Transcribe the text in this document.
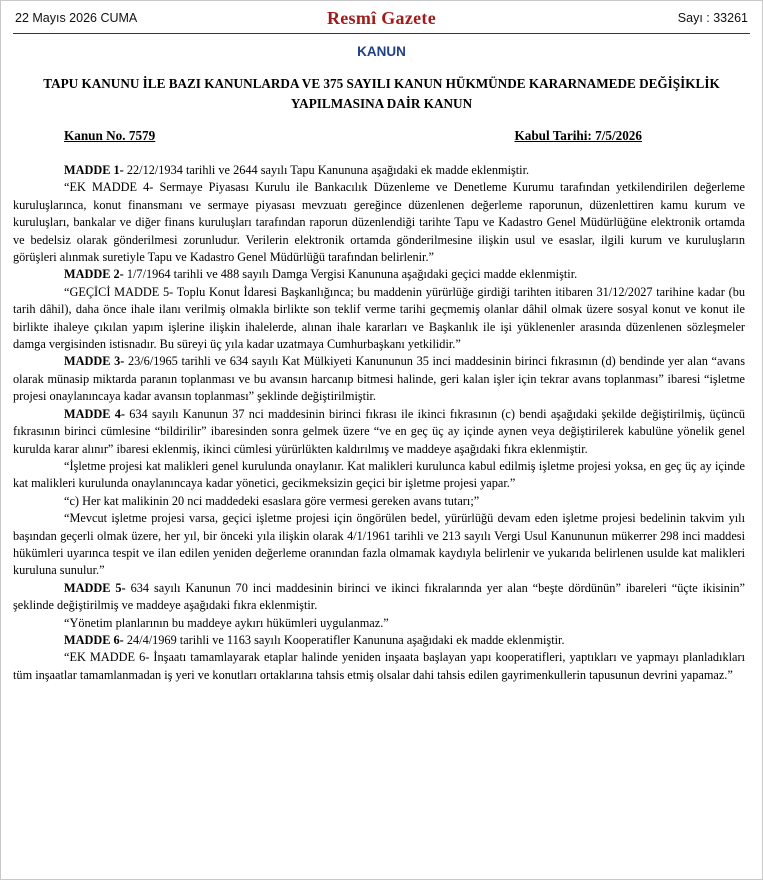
22 Mayıs 2026 CUMA	Resmî Gazete	Sayı : 33261
KANUN
TAPU KANUNU İLE BAZI KANUNLARDA VE 375 SAYILI KANUN HÜKMÜNDE KARARNAMEDE DEĞİŞİKLİK YAPILMASINA DAİR KANUN
Kanun No. 7579	Kabul Tarihi: 7/5/2026

MADDE 1- 22/12/1934 tarihli ve 2644 sayılı Tapu Kanununa aşağıdaki ek madde eklenmiştir.

“EK MADDE 4- Sermaye Piyasası Kurulu ile Bankacılık Düzenleme ve Denetleme Kurumu tarafından yetkilendirilen değerleme kuruluşlarınca, konut finansmanı ve sermaye piyasası mevzuatı gereğince düzenlenen değerleme raporunun, düzenlettiren kamu kurum ve kuruluşları, bankalar ve diğer finans kuruluşları tarafından raporun düzenlendiği tarihte Tapu ve Kadastro Genel Müdürlüğüne elektronik ortamda ve bedelsiz olarak gönderilmesi zorunludur. Verilerin elektronik ortamda gönderilmesine ilişkin usul ve esaslar, ilgili kurum ve kuruluşların görüşleri alınmak suretiyle Tapu ve Kadastro Genel Müdürlüğü tarafından belirlenir.”

MADDE 2- 1/7/1964 tarihli ve 488 sayılı Damga Vergisi Kanununa aşağıdaki geçici madde eklenmiştir.

“GEÇİCİ MADDE 5- Toplu Konut İdaresi Başkanlığınca; bu maddenin yürürlüğe girdiği tarihten itibaren 31/12/2027 tarihine kadar (bu tarih dâhil), daha önce ihale ilanı verilmiş olmakla birlikte son teklif verme tarihi geçmemiş olanlar dâhil olmak üzere sosyal konut ve konut ile birlikte ihaleye çıkılan yapım işlerine ilişkin ihalelerde, alınan ihale kararları ve Başkanlık ile işi yüklenenler arasında düzenlenen sözleşmeler damga vergisinden istisnadır. Bu süreyi üç yıla kadar uzatmaya Cumhurbaşkanı yetkilidir.”

MADDE 3- 23/6/1965 tarihli ve 634 sayılı Kat Mülkiyeti Kanununun 35 inci maddesinin birinci fıkrasının (d) bendinde yer alan “avans olarak münasip miktarda paranın toplanması ve bu avansın harcanıp bitmesi halinde, geri kalan işler için tekrar avans toplanması” ibaresi “işletme projesi onaylanıncaya kadar avansın toplanması” şeklinde değiştirilmiştir.

MADDE 4- 634 sayılı Kanunun 37 nci maddesinin birinci fıkrası ile ikinci fıkrasının (c) bendi aşağıdaki şekilde değiştirilmiş, üçüncü fıkrasının birinci cümlesine “bildirilir” ibaresinden sonra gelmek üzere “ve en geç üç ay içinde aynen veya değiştirilerek kabulüne yönelik genel kurulda karar alınır” ibaresi eklenmiş, ikinci cümlesi yürürlükten kaldırılmış ve maddeye aşağıdaki fıkra eklenmiştir.

“İşletme projesi kat malikleri genel kurulunda onaylanır. Kat malikleri kurulunca kabul edilmiş işletme projesi yoksa, en geç üç ay içinde kat malikleri kurulunda onaylanıncaya kadar yönetici, gecikmeksizin geçici bir işletme projesi yapar.”

“c) Her kat malikinin 20 nci maddedeki esaslara göre vermesi gereken avans tutarı;”

“Mevcut işletme projesi varsa, geçici işletme projesi için öngörülen bedel, yürürlüğü devam eden işletme projesi bedelinin takvim yılı başından geçerli olmak üzere, her yıl, bir önceki yıla ilişkin olarak 4/1/1961 tarihli ve 213 sayılı Vergi Usul Kanununun mükerrer 298 inci maddesi hükümleri uyarınca tespit ve ilan edilen yeniden değerleme oranından fazla olmamak kaydıyla belirlenir ve yukarıda belirlenen usulde kat malikleri kuruluna sunulur.”

MADDE 5- 634 sayılı Kanunun 70 inci maddesinin birinci ve ikinci fıkralarında yer alan “beşte dördünün” ibareleri “üçte ikisinin” şeklinde değiştirilmiş ve maddeye aşağıdaki fıkra eklenmiştir.

“Yönetim planlarının bu maddeye aykırı hükümleri uygulanmaz.”

MADDE 6- 24/4/1969 tarihli ve 1163 sayılı Kooperatifler Kanununa aşağıdaki ek madde eklenmiştir.

“EK MADDE 6- İnşaatı tamamlayarak etaplar halinde yeniden inşaata başlayan yapı kooperatifleri, yaptıkları ve yapmayı planladıkları tüm inşaatlar tamamlanmadan iş yeri ve konutları ortaklarına tahsis etmiş olsalar dahi tahsis edilen gayrimenkullerin tapusunun devrini yapamaz.”
